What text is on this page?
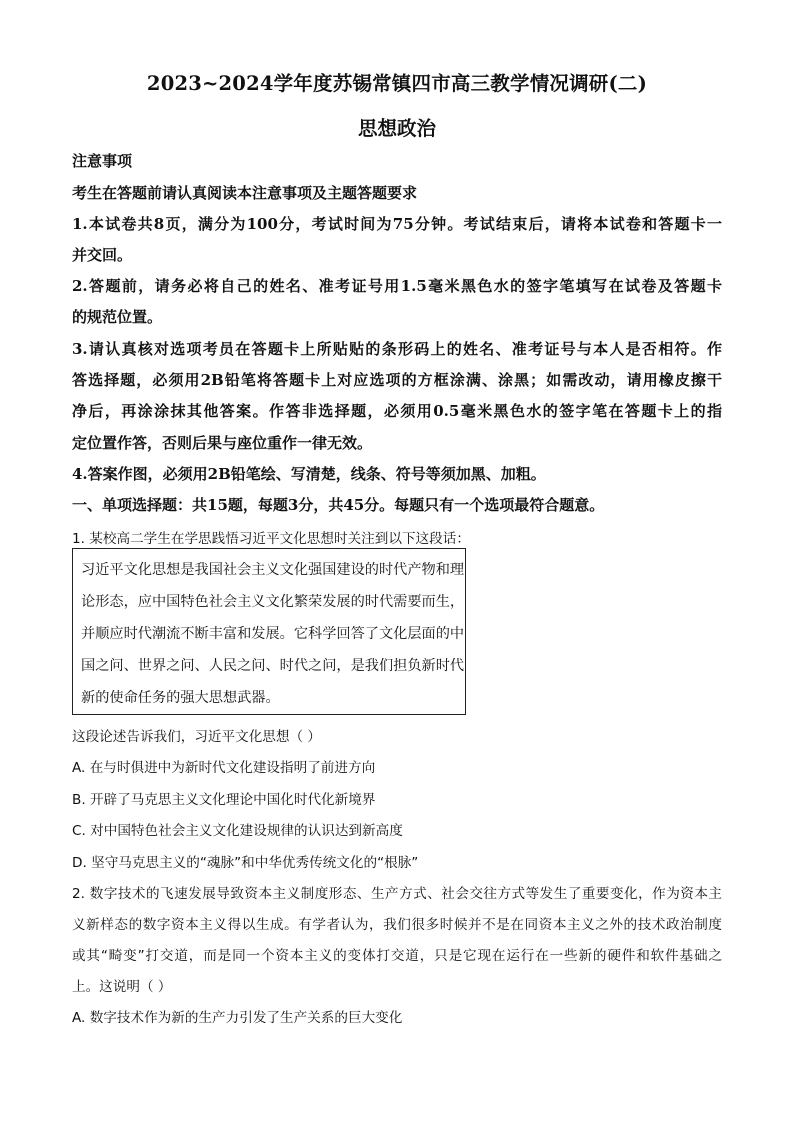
2023~2024学年度苏锡常镇四市高三教学情况调研(二)
思想政治
注意事项
考生在答题前请认真阅读本注意事项及主题答题要求
1.本试卷共8页，满分为100分，考试时间为75分钟。考试结束后，请将本试卷和答题卡一
并交回。
2.答题前，请务必将自己的姓名、准考证号用1.5毫米黑色水的签字笔填写在试卷及答题卡
的规范位置。
3.请认真核对选项考员在答题卡上所贴贴的条形码上的姓名、准考证号与本人是否相符。作
答选择题，必须用2B铅笔将答题卡上对应选项的方框涂满、涂黑；如需改动，请用橡皮擦干
净后，再涂涂抹其他答案。作答非选择题，必须用0.5毫米黑色水的签字笔在答题卡上的指
定位置作答，否则后果与座位重作一律无效。
4.答案作图，必须用2B铅笔绘、写清楚，线条、符号等须加黑、加粗。
一、单项选择题：共15题，每题3分，共45分。每题只有一个选项最符合题意。
1. 某校高二学生在学思践悟习近平文化思想时关注到以下这段话：
习近平文化思想是我国社会主义文化强国建设的时代产物和理
论形态，应中国特色社会主义文化繁荣发展的时代需要而生，
并顺应时代潮流不断丰富和发展。它科学回答了文化层面的中
国之问、世界之问、人民之问、时代之问，是我们担负新时代
新的使命任务的强大思想武器。
这段论述告诉我们，习近平文化思想（ ）
A. 在与时俱进中为新时代文化建设指明了前进方向
B. 开辟了马克思主义文化理论中国化时代化新境界
C. 对中国特色社会主义文化建设规律的认识达到新高度
D. 坚守马克思主义的“魂脉”和中华优秀传统文化的“根脉”
2. 数字技术的飞速发展导致资本主义制度形态、生产方式、社会交往方式等发生了重要变化，作为资本主
义新样态的数字资本主义得以生成。有学者认为，我们很多时候并不是在同资本主义之外的技术政治制度
或其“畸变”打交道，而是同一个资本主义的变体打交道，只是它现在运行在一些新的硬件和软件基础之
上。这说明（ ）
A. 数字技术作为新的生产力引发了生产关系的巨大变化
